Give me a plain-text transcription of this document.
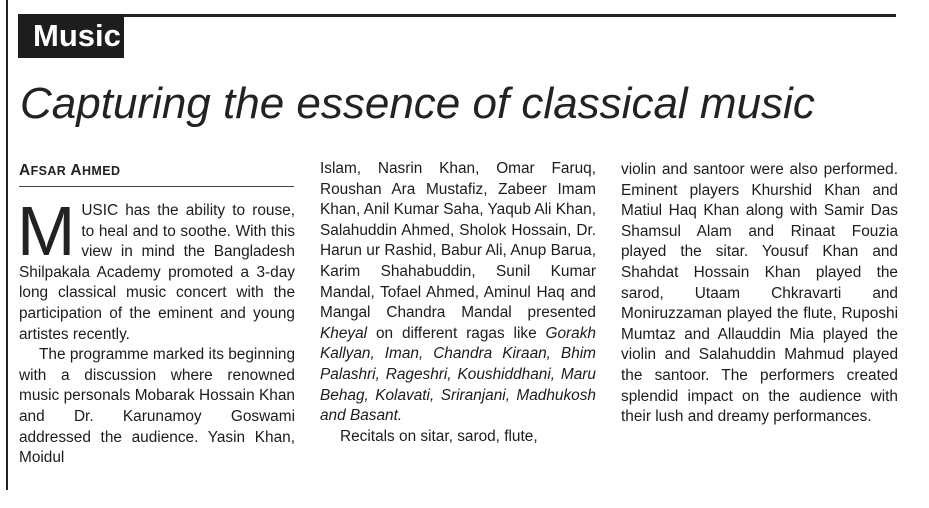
Music
Capturing the essence of classical music
AFSAR AHMED

MUSIC has the ability to rouse, to heal and to soothe. With this view in mind the Bangladesh Shilpakala Academy promoted a 3-day long classical music concert with the participation of the eminent and young artistes recently.

The programme marked its beginning with a discussion where renowned music personals Mobarak Hossain Khan and Dr. Karunamoy Goswami addressed the audience. Yasin Khan, Moidul

Islam, Nasrin Khan, Omar Faruq, Roushan Ara Mustafiz, Zabeer Imam Khan, Anil Kumar Saha, Yaqub Ali Khan, Salahuddin Ahmed, Sholok Hossain, Dr. Harun ur Rashid, Babur Ali, Anup Barua, Karim Shahabuddin, Sunil Kumar Mandal, Tofael Ahmed, Aminul Haq and Mangal Chandra Mandal presented Kheyal on different ragas like Gorakh Kallyan, Iman, Chandra Kiraan, Bhim Palashri, Rageshri, Koushiddhani, Maru Behag, Kolavati, Sriranjani, Madhukosh and Basant.

Recitals on sitar, sarod, flute,

violin and santoor were also performed. Eminent players Khurshid Khan and Matiul Haq Khan along with Samir Das Shamsul Alam and Rinaat Fouzia played the sitar. Yousuf Khan and Shahdat Hossain Khan played the sarod, Utaam Chkravarti and Moniruzzaman played the flute, Ruposhi Mumtaz and Allauddin Mia played the violin and Salahuddin Mahmud played the santoor. The performers created splendid impact on the audience with their lush and dreamy performances.
